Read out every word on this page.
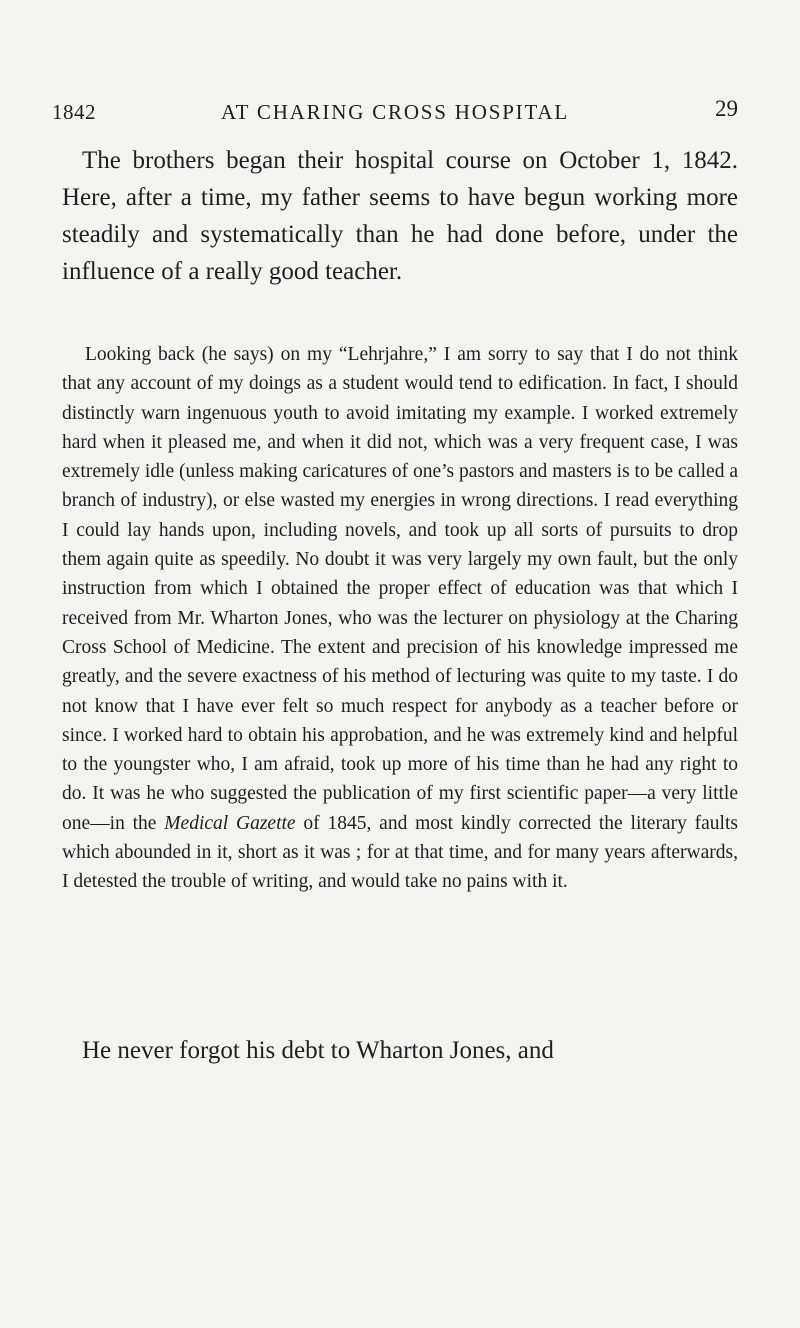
1842	AT CHARING CROSS HOSPITAL	29

The brothers began their hospital course on October 1, 1842. Here, after a time, my father seems to have begun working more steadily and systematically than he had done before, under the influence of a really good teacher.

Looking back (he says) on my “Lehrjahre,” I am sorry to say that I do not think that any account of my doings as a student would tend to edification. In fact, I should distinctly warn ingenuous youth to avoid imitating my example. I worked extremely hard when it pleased me, and when it did not, which was a very frequent case, I was extremely idle (unless making caricatures of one’s pastors and masters is to be called a branch of industry), or else wasted my energies in wrong directions. I read everything I could lay hands upon, including novels, and took up all sorts of pursuits to drop them again quite as speedily. No doubt it was very largely my own fault, but the only instruction from which I obtained the proper effect of education was that which I received from Mr. Wharton Jones, who was the lecturer on physiology at the Charing Cross School of Medicine. The extent and precision of his knowledge impressed me greatly, and the severe exactness of his method of lecturing was quite to my taste. I do not know that I have ever felt so much respect for anybody as a teacher before or since. I worked hard to obtain his approbation, and he was extremely kind and helpful to the youngster who, I am afraid, took up more of his time than he had any right to do. It was he who suggested the publication of my first scientific paper—a very little one—in the Medical Gazette of 1845, and most kindly corrected the literary faults which abounded in it, short as it was ; for at that time, and for many years afterwards, I detested the trouble of writing, and would take no pains with it.

He never forgot his debt to Wharton Jones, and
